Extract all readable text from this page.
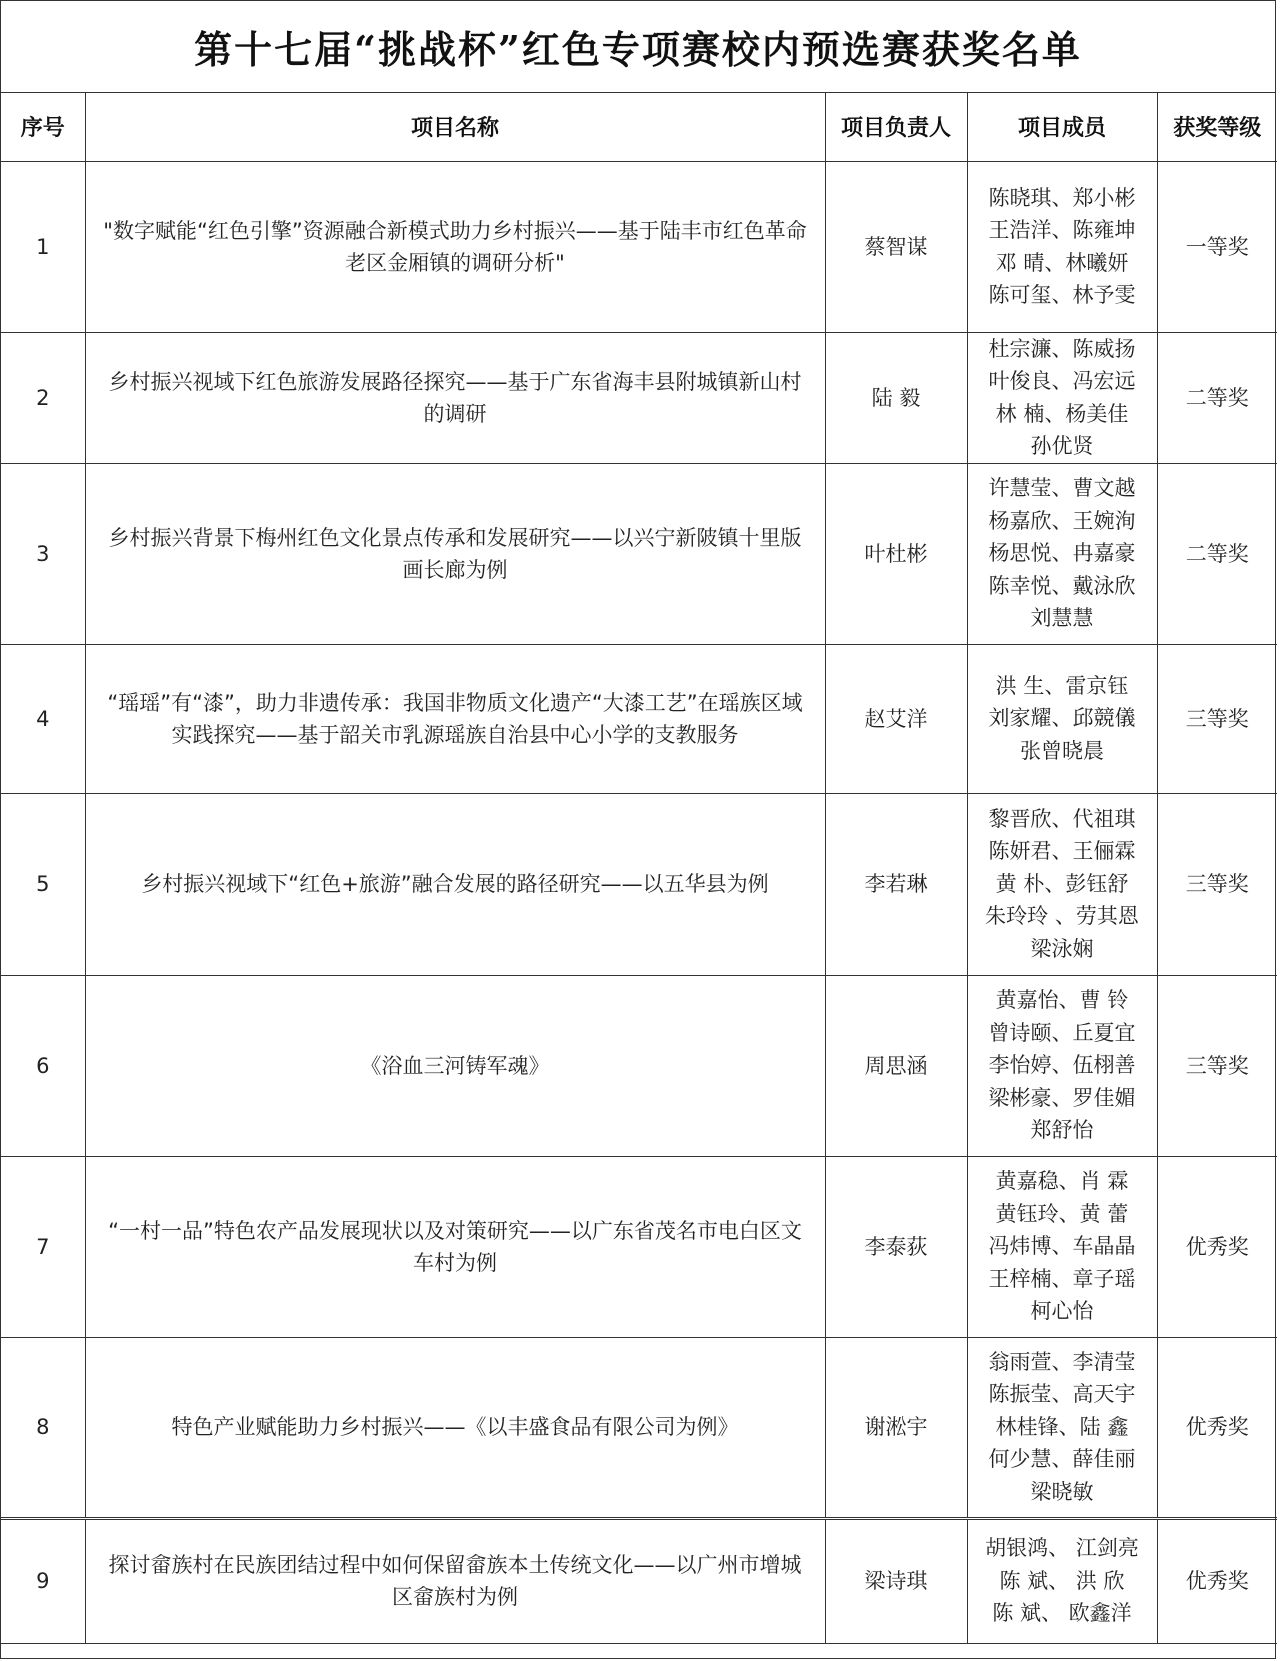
第十七届“挑战杯”红色专项赛校内预选赛获奖名单
序号	项目名称	项目负责人	项目成员	获奖等级
1	"数字赋能“红色引擎”资源融合新模式助力乡村振兴——基于陆丰市红色革命老区金厢镇的调研分析"	蔡智谋	陈晓琪、郑小彬
王浩洋、陈雍坤
邓 晴、林曦妍
陈可玺、林予雯	一等奖
2	乡村振兴视域下红色旅游发展路径探究——基于广东省海丰县附城镇新山村的调研	陆 毅	杜宗濂、陈威扬
叶俊良、冯宏远
林 楠、杨美佳
孙优贤	二等奖
3	乡村振兴背景下梅州红色文化景点传承和发展研究——以兴宁新陂镇十里版画长廊为例	叶杜彬	许慧莹、曹文越
杨嘉欣、王婉洵
杨思悦、冉嘉豪
陈幸悦、戴泳欣
刘慧慧	二等奖
4	“瑶瑶”有“漆”，助力非遗传承：我国非物质文化遗产“大漆工艺”在瑶族区域实践探究——基于韶关市乳源瑶族自治县中心小学的支教服务	赵艾洋	洪 生、雷京钰
刘家耀、邱競儀
张曾晓晨	三等奖
5	乡村振兴视域下“红色+旅游”融合发展的路径研究——以五华县为例	李若琳	黎晋欣、代祖琪
陈妍君、王俪霖
黄 朴、彭钰舒
朱玲玲 、劳其恩
梁泳娴	三等奖
6	《浴血三河铸军魂》	周思涵	黄嘉怡、曹 铃
曾诗颐、丘夏宜
李怡婷、伍栩善
梁彬豪、罗佳媚
郑舒怡	三等奖
7	“一村一品”特色农产品发展现状以及对策研究——以广东省茂名市电白区文车村为例	李泰荻	黄嘉稳、肖 霖
黄钰玲、黄 蕾
冯炜博、车晶晶
王梓楠、章子瑶
柯心怡	优秀奖
8	特色产业赋能助力乡村振兴——《以丰盛食品有限公司为例》	谢淞宇	翁雨萱、李清莹
陈振莹、高天宇
林桂锋、陆 鑫
何少慧、薛佳丽
梁晓敏	优秀奖
9	探讨畲族村在民族团结过程中如何保留畲族本土传统文化——以广州市增城区畲族村为例	梁诗琪	胡银鸿、 江剑亮
陈 斌、 洪 欣
陈 斌、 欧鑫洋	优秀奖
